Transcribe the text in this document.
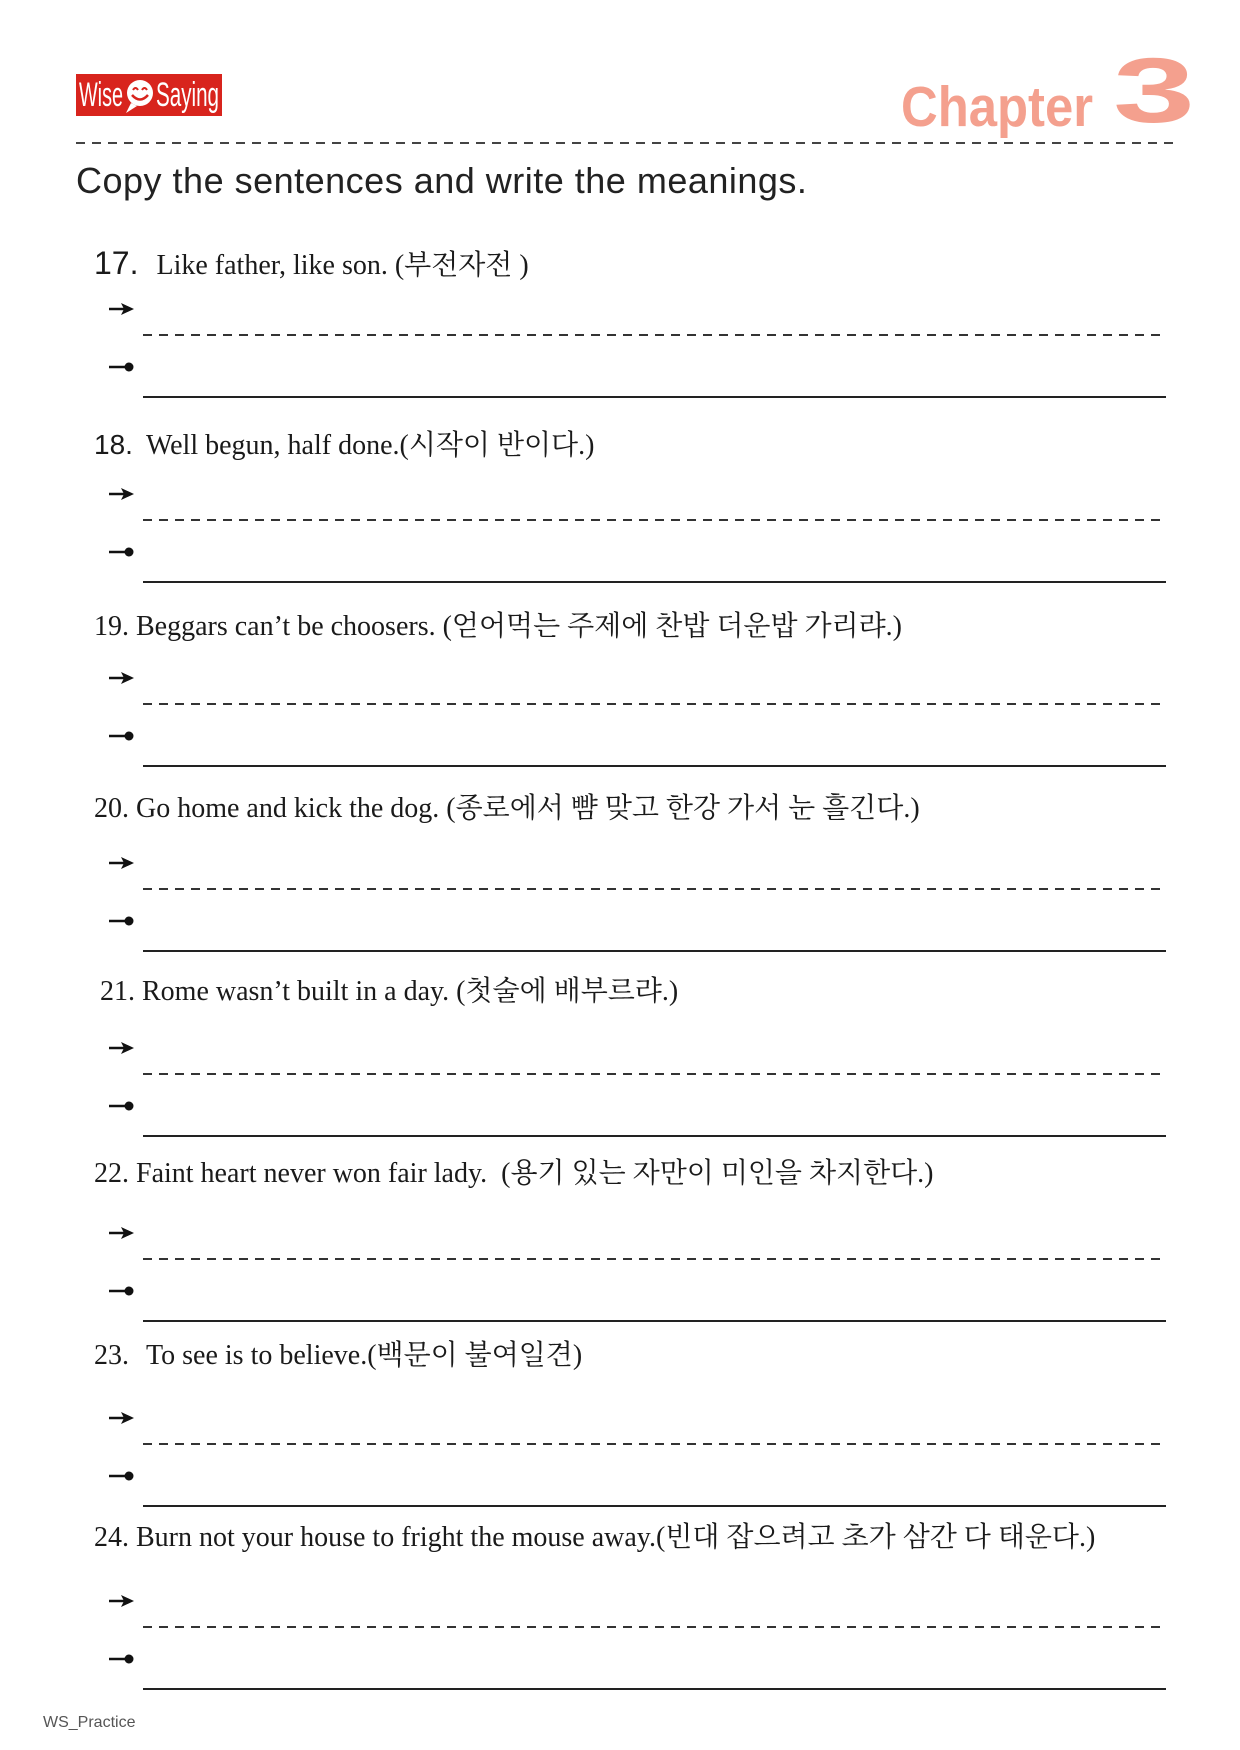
Wise Saying	Chapter 3
Copy the sentences and write the meanings.
17. Like father, like son. (부전자전 )
18. Well begun, half done.(시작이 반이다.)
19. Beggars can’t be choosers. (얻어먹는 주제에 찬밥 더운밥 가리랴.)
20. Go home and kick the dog. (종로에서 뺨 맞고 한강 가서 눈 흘긴다.)
21. Rome wasn’t built in a day. (첫술에 배부르랴.)
22. Faint heart never won fair lady.  (용기 있는 자만이 미인을 차지한다.)
23. To see is to believe.(백문이 불여일견)
24. Burn not your house to fright the mouse away.(빈대 잡으려고 초가 삼간 다 태운다.)
WS_Practice
